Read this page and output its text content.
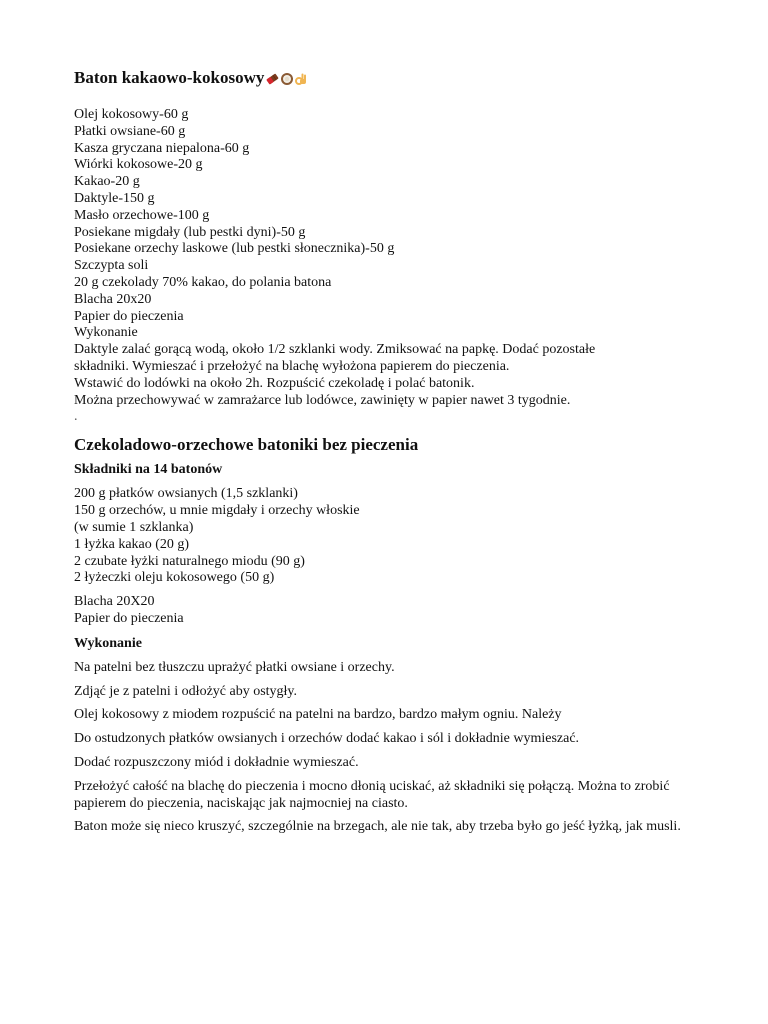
Baton kakaowo-kokosowy
Olej kokosowy-60 g
Płatki owsiane-60 g
Kasza gryczana niepalona-60 g
Wiórki kokosowe-20 g
Kakao-20 g
Daktyle-150 g
Masło orzechowe-100 g
Posiekane migdały (lub pestki dyni)-50 g
Posiekane orzechy laskowe (lub pestki słonecznika)-50 g
Szczypta soli
20 g czekolady 70% kakao, do polania batona
Blacha 20x20
Papier do pieczenia
Wykonanie
Daktyle zalać gorącą wodą, około 1/2 szklanki wody. Zmiksować na papkę. Dodać pozostałe
składniki. Wymieszać i przełożyć na blachę wyłożona papierem do pieczenia.
Wstawić do lodówki na około 2h. Rozpuścić czekoladę i polać batonik.
Można przechowywać w zamrażarce lub lodówce, zawinięty w papier nawet 3 tygodnie.
.
Czekoladowo-orzechowe batoniki bez pieczenia
Składniki na 14 batonów
200 g płatków owsianych (1,5 szklanki)
150 g orzechów, u mnie migdały i orzechy włoskie
(w sumie 1 szklanka)
1 łyżka kakao (20 g)
2 czubate łyżki naturalnego miodu (90 g)
2 łyżeczki oleju kokosowego (50 g)
Blacha 20X20
Papier do pieczenia
Wykonanie
Na patelni bez tłuszczu uprażyć płatki owsiane i orzechy.
Zdjąć je z patelni i odłożyć aby ostygły.
Olej kokosowy z miodem rozpuścić na patelni na bardzo, bardzo małym ogniu. Należy
Do ostudzonych płatków owsianych i orzechów dodać kakao i sól i dokładnie wymieszać.
Dodać rozpuszczony miód i dokładnie wymieszać.
Przełożyć całość na blachę do pieczenia i mocno dłonią uciskać, aż składniki się połączą. Można to zrobić papierem do pieczenia, naciskając jak najmocniej na ciasto.
Baton może się nieco kruszyć, szczególnie na brzegach, ale nie tak, aby trzeba było go jeść łyżką, jak musli.
